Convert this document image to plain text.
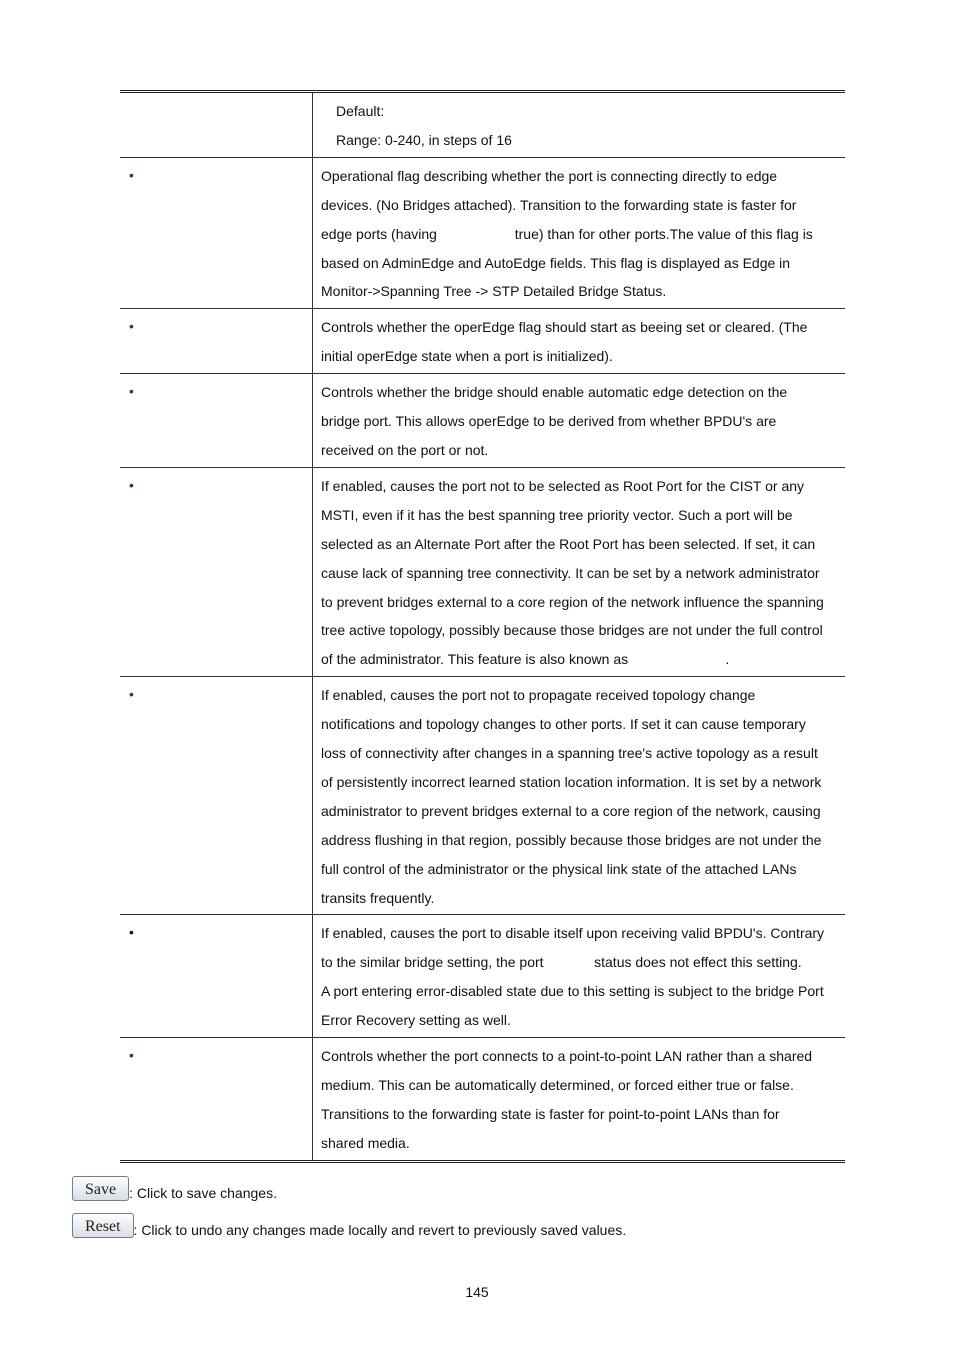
Default:
Range: 0-240, in steps of 16
•	Operational flag describing whether the port is connecting directly to edge
devices. (No Bridges attached). Transition to the forwarding state is faster for
edge ports (having                    true) than for other ports.The value of this flag is
based on AdminEdge and AutoEdge fields. This flag is displayed as Edge in
Monitor->Spanning Tree -> STP Detailed Bridge Status.
•	Controls whether the operEdge flag should start as beeing set or cleared. (The
initial operEdge state when a port is initialized).
•	Controls whether the bridge should enable automatic edge detection on the
bridge port. This allows operEdge to be derived from whether BPDU's are
received on the port or not.
•	If enabled, causes the port not to be selected as Root Port for the CIST or any
MSTI, even if it has the best spanning tree priority vector. Such a port will be
selected as an Alternate Port after the Root Port has been selected. If set, it can
cause lack of spanning tree connectivity. It can be set by a network administrator
to prevent bridges external to a core region of the network influence the spanning
tree active topology, possibly because those bridges are not under the full control
of the administrator. This feature is also known as                         .
•	If enabled, causes the port not to propagate received topology change
notifications and topology changes to other ports. If set it can cause temporary
loss of connectivity after changes in a spanning tree's active topology as a result
of persistently incorrect learned station location information. It is set by a network
administrator to prevent bridges external to a core region of the network, causing
address flushing in that region, possibly because those bridges are not under the
full control of the administrator or the physical link state of the attached LANs
transits frequently.
•	If enabled, causes the port to disable itself upon receiving valid BPDU's. Contrary
to the similar bridge setting, the port             status does not effect this setting.
A port entering error-disabled state due to this setting is subject to the bridge Port
Error Recovery setting as well.
•	Controls whether the port connects to a point-to-point LAN rather than a shared
medium. This can be automatically determined, or forced either true or false.
Transitions to the forwarding state is faster for point-to-point LANs than for
shared media.
Save : Click to save changes.
Reset : Click to undo any changes made locally and revert to previously saved values.
145
